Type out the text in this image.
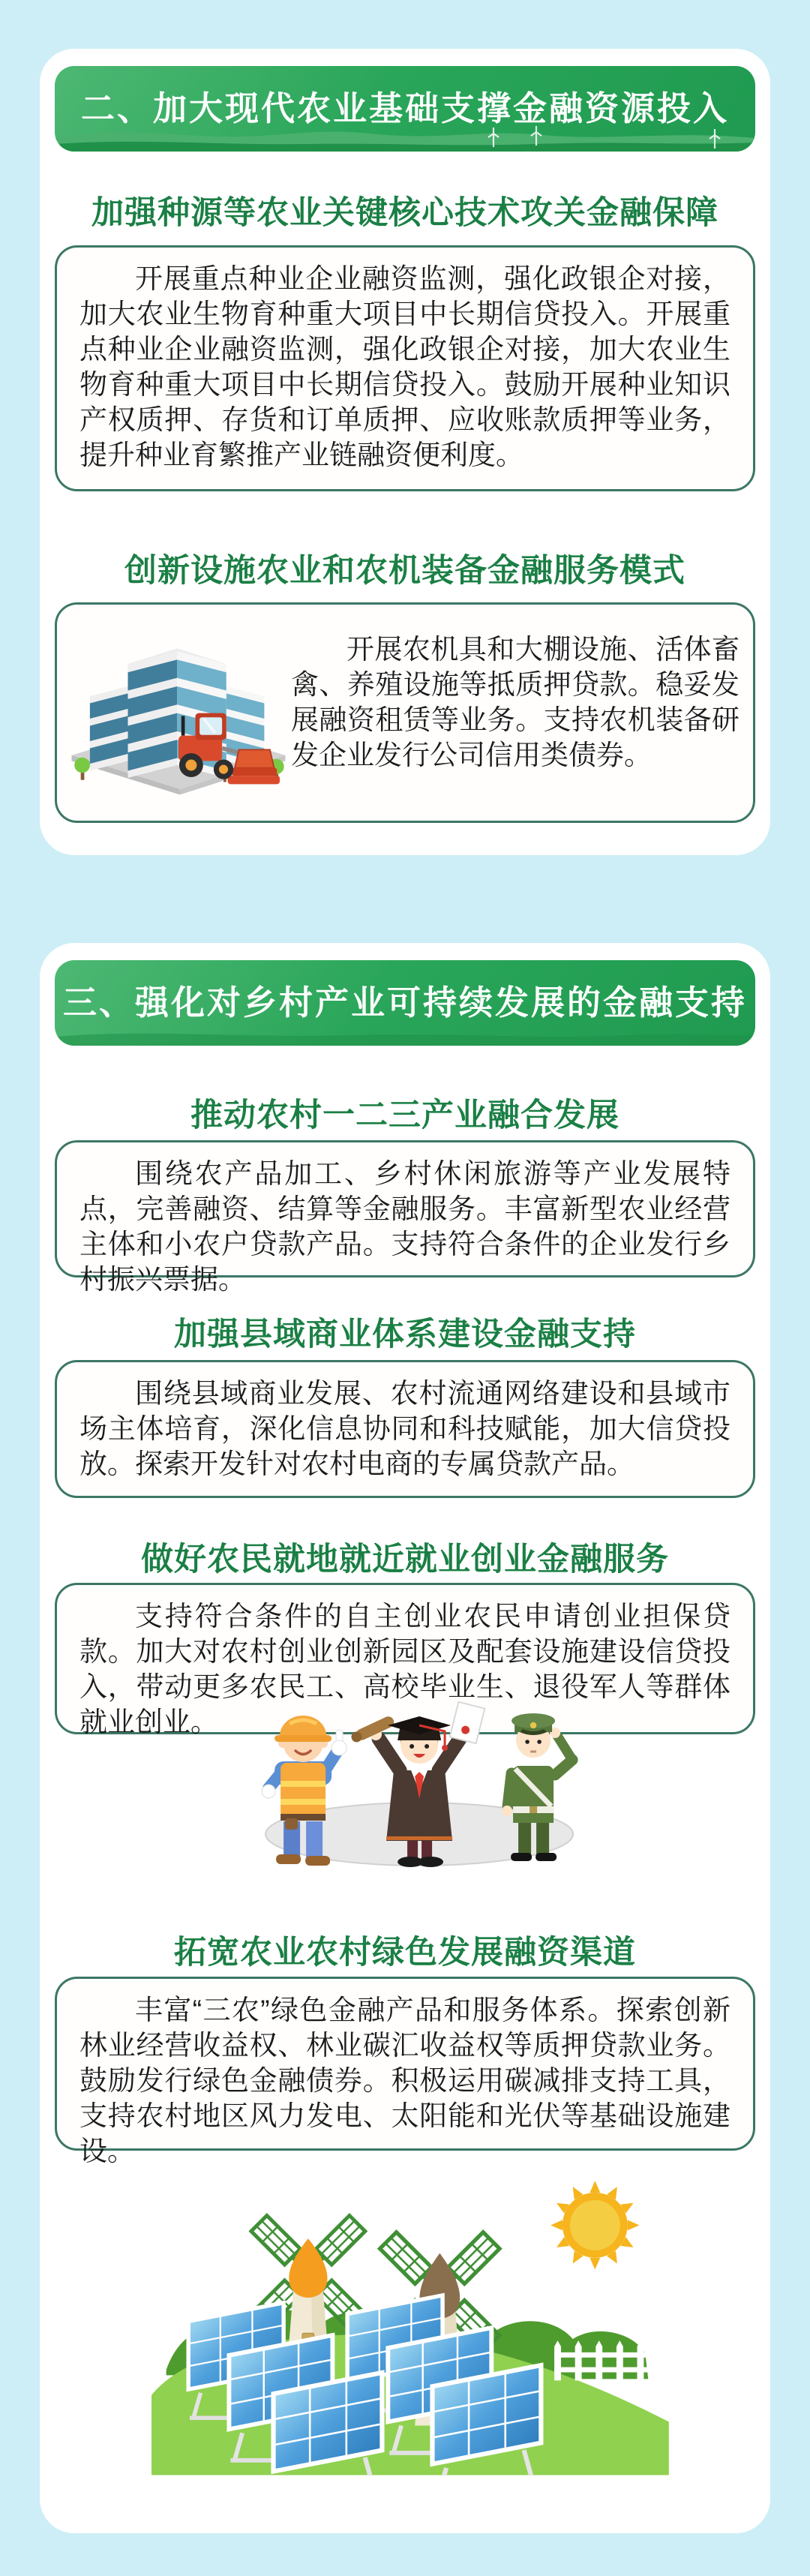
二、加大现代农业基础支撑金融资源投入
加强种源等农业关键核心技术攻关金融保障

开展重点种业企业融资监测，强化政银企对接，加大农业生物育种重大项目中长期信贷投入。开展重点种业企业融资监测，强化政银企对接，加大农业生物育种重大项目中长期信贷投入。鼓励开展种业知识产权质押、存货和订单质押、应收账款质押等业务，提升种业育繁推产业链融资便利度。

创新设施农业和农机装备金融服务模式

开展农机具和大棚设施、活体畜禽、养殖设施等抵质押贷款。稳妥发展融资租赁等业务。支持农机装备研发企业发行公司信用类债券。

三、强化对乡村产业可持续发展的金融支持
推动农村一二三产业融合发展

围绕农产品加工、乡村休闲旅游等产业发展特点，完善融资、结算等金融服务。丰富新型农业经营主体和小农户贷款产品。支持符合条件的企业发行乡村振兴票据。

加强县域商业体系建设金融支持

围绕县域商业发展、农村流通网络建设和县域市场主体培育，深化信息协同和科技赋能，加大信贷投放。探索开发针对农村电商的专属贷款产品。

做好农民就地就近就业创业金融服务

支持符合条件的自主创业农民申请创业担保贷款。加大对农村创业创新园区及配套设施建设信贷投入，带动更多农民工、高校毕业生、退役军人等群体就业创业。

拓宽农业农村绿色发展融资渠道

丰富“三农”绿色金融产品和服务体系。探索创新林业经营收益权、林业碳汇收益权等质押贷款业务。鼓励发行绿色金融债券。积极运用碳减排支持工具，支持农村地区风力发电、太阳能和光伏等基础设施建设。
